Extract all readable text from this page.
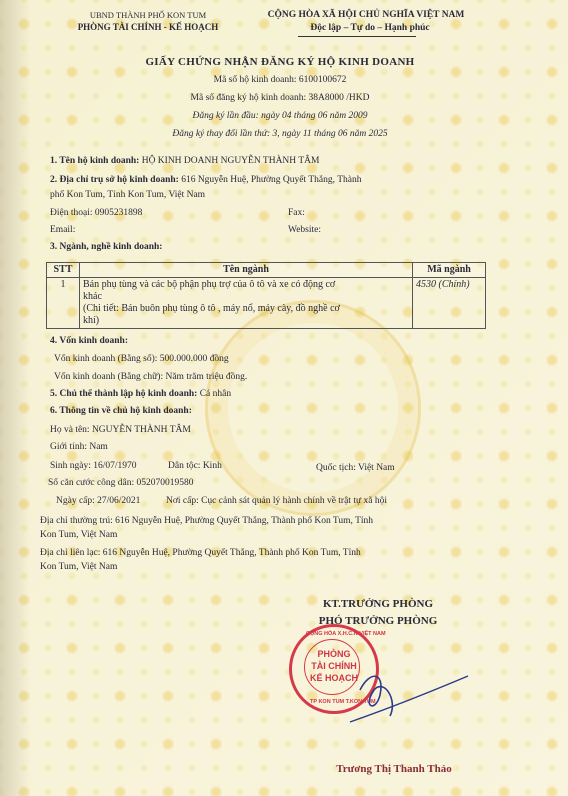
UBND THÀNH PHỐ KON TUM
PHÒNG TÀI CHÍNH - KẾ HOẠCH
CỘNG HÒA XÃ HỘI CHỦ NGHĨA VIỆT NAM
Độc lập – Tự do – Hạnh phúc
GIẤY CHỨNG NHẬN ĐĂNG KÝ HỘ KINH DOANH
Mã số hộ kinh doanh: 6100100672
Mã số đăng ký hộ kinh doanh: 38A8000 /HKD
Đăng ký lần đầu: ngày 04 tháng 06 năm 2009
Đăng ký thay đổi lần thứ: 3, ngày 11 tháng 06 năm 2025
1. Tên hộ kinh doanh: HỘ KINH DOANH NGUYỄN THÀNH TÂM
2. Địa chỉ trụ sở hộ kinh doanh: 616 Nguyễn Huệ, Phường Quyết Thắng, Thành
phố Kon Tum, Tỉnh Kon Tum, Việt Nam
Điện thoại: 0905231898	Fax:
Email:	Website:
3. Ngành, nghề kinh doanh:
STT	Tên ngành	Mã ngành
1	Bán phụ tùng và các bộ phận phụ trợ của ô tô và xe có động cơ
khác
(Chi tiết: Bán buôn phụ tùng ô tô , máy nổ, máy cày, đồ nghề cơ
khí)	4530 (Chính)
4. Vốn kinh doanh:
Vốn kinh doanh (Bằng số): 500.000.000 đồng
Vốn kinh doanh (Bằng chữ): Năm trăm triệu đồng.
5. Chủ thể thành lập hộ kinh doanh: Cá nhân
6. Thông tin về chủ hộ kinh doanh:
Họ và tên: NGUYỄN THÀNH TÂM
Giới tính: Nam
Sinh ngày: 16/07/1970	Dân tộc: Kinh	Quốc tịch: Việt Nam
Số căn cước công dân: 052070019580
Ngày cấp: 27/06/2021	Nơi cấp: Cục cảnh sát quản lý hành chính về trật tự xã hội
Địa chỉ thường trú: 616 Nguyễn Huệ, Phường Quyết Thắng, Thành phố Kon Tum, Tỉnh
Kon Tum, Việt Nam
Địa chỉ liên lạc: 616 Nguyễn Huệ, Phường Quyết Thắng, Thành phố Kon Tum, Tỉnh
Kon Tum, Việt Nam
KT.TRƯỞNG PHÒNG
PHÓ TRƯỞNG PHÒNG
CỘNG HÒA X.H.C.N VIỆT NAM
TP KON TUM T.KON TUM
PHÒNG
TÀI CHÍNH
KẾ HOẠCH
Trương Thị Thanh Thảo
